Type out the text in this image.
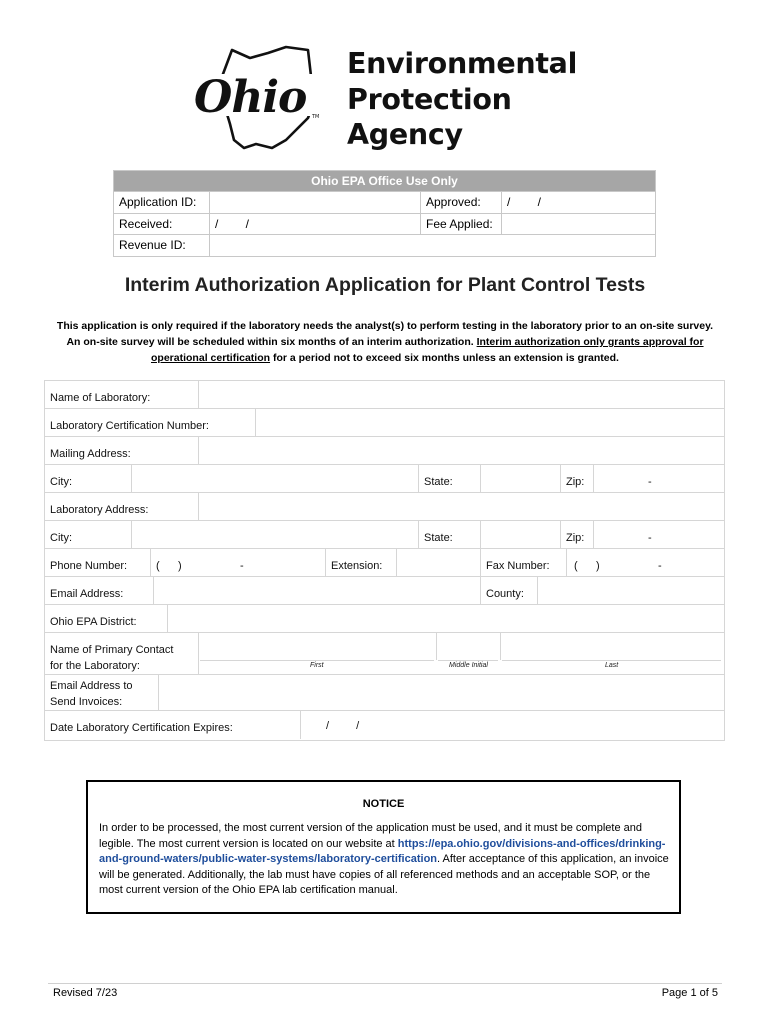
Ohio TM
Environmental
Protection
Agency
Ohio EPA Office Use Only			
Application ID:		Approved:	/ /
Received:	/ /	Fee Applied:	
Revenue ID:			
Interim Authorization Application for Plant Control Tests
This application is only required if the laboratory needs the analyst(s) to perform testing in the laboratory prior to an on-site survey. An on-site survey will be scheduled within six months of an interim authorization. Interim authorization only grants approval for operational certification for a period not to exceed six months unless an extension is granted.
Name of Laboratory:
Laboratory Certification Number:
Mailing Address:
City:	State:	Zip:	-
Laboratory Address:
City:	State:	Zip:	-
Phone Number:	(      )	-	Extension:	Fax Number: (      )	-
Email Address:	County:
Ohio EPA District:
Name of Primary Contact
for the Laboratory:	First	Middle Initial	Last
Email Address to
Send Invoices:
Date Laboratory Certification Expires:	/ /
NOTICE
In order to be processed, the most current version of the application must be used, and it must be complete and legible. The most current version is located on our website at https://epa.ohio.gov/divisions-and-offices/drinking-and-ground-waters/public-water-systems/laboratory-certification. After acceptance of this application, an invoice will be generated. Additionally, the lab must have copies of all referenced methods and an acceptable SOP, or the most current version of the Ohio EPA lab certification manual.
Revised 7/23	Page 1 of 5
